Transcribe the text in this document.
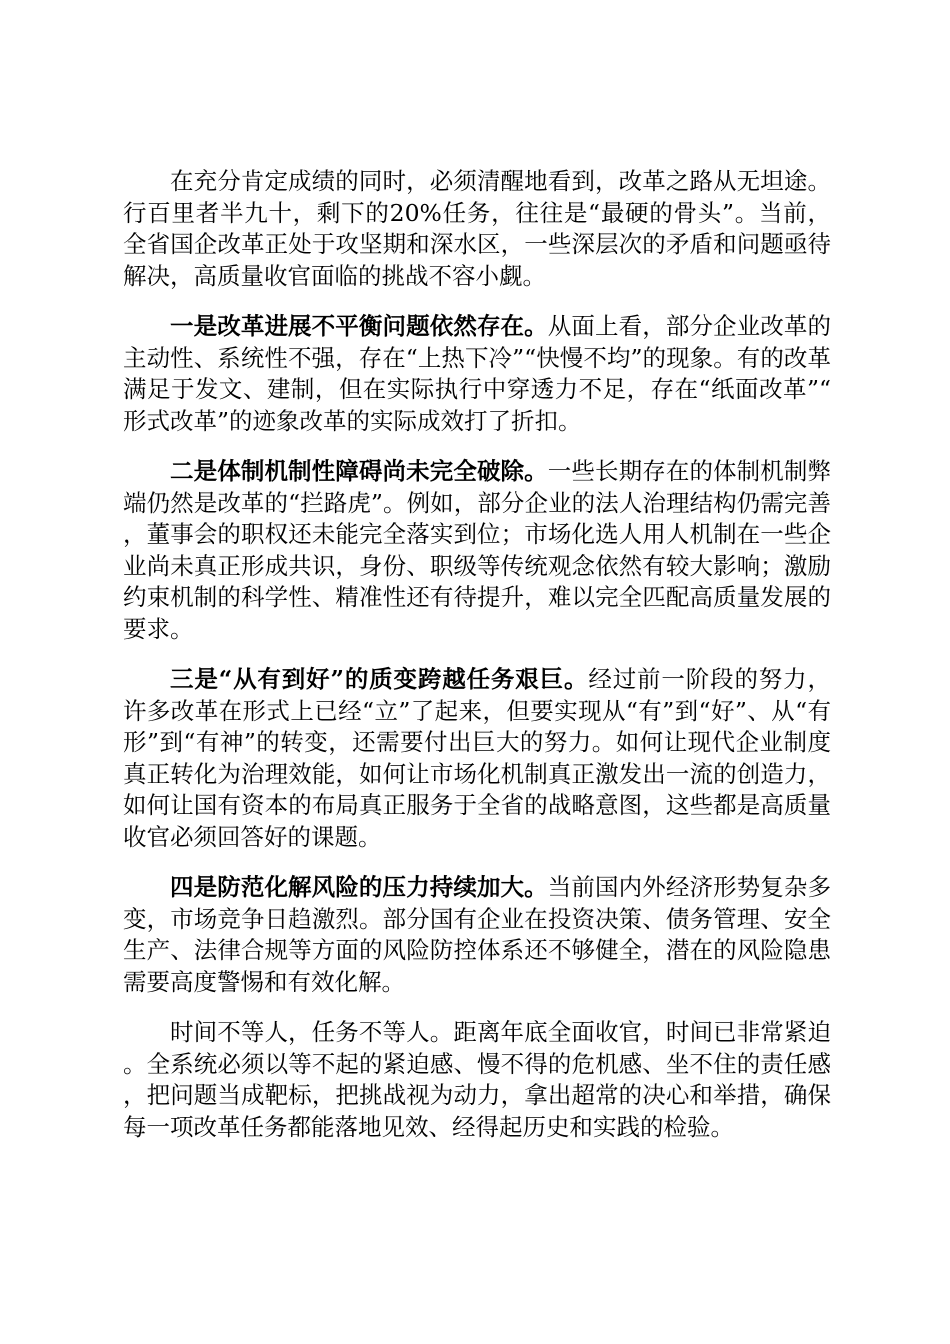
在充分肯定成绩的同时，必须清醒地看到，改革之路从无坦途。行百里者半九十，剩下的20%任务，往往是“最硬的骨头”。当前，全省国企改革正处于攻坚期和深水区，一些深层次的矛盾和问题亟待解决，高质量收官面临的挑战不容小觑。

一是改革进展不平衡问题依然存在。从面上看，部分企业改革的主动性、系统性不强，存在“上热下冷”“快慢不均”的现象。有的改革满足于发文、建制，但在实际执行中穿透力不足，存在“纸面改革”“形式改革”的迹象改革的实际成效打了折扣。

二是体制机制性障碍尚未完全破除。一些长期存在的体制机制弊端仍然是改革的“拦路虎”。例如，部分企业的法人治理结构仍需完善，董事会的职权还未能完全落实到位；市场化选人用人机制在一些企业尚未真正形成共识，身份、职级等传统观念依然有较大影响；激励约束机制的科学性、精准性还有待提升，难以完全匹配高质量发展的要求。

三是“从有到好”的质变跨越任务艰巨。经过前一阶段的努力，许多改革在形式上已经“立”了起来，但要实现从“有”到“好”、从“有形”到“有神”的转变，还需要付出巨大的努力。如何让现代企业制度真正转化为治理效能，如何让市场化机制真正激发出一流的创造力，如何让国有资本的布局真正服务于全省的战略意图，这些都是高质量收官必须回答好的课题。

四是防范化解风险的压力持续加大。当前国内外经济形势复杂多变，市场竞争日趋激烈。部分国有企业在投资决策、债务管理、安全生产、法律合规等方面的风险防控体系还不够健全，潜在的风险隐患需要高度警惕和有效化解。

时间不等人，任务不等人。距离年底全面收官，时间已非常紧迫。全系统必须以等不起的紧迫感、慢不得的危机感、坐不住的责任感，把问题当成靶标，把挑战视为动力，拿出超常的决心和举措，确保每一项改革任务都能落地见效、经得起历史和实践的检验。
